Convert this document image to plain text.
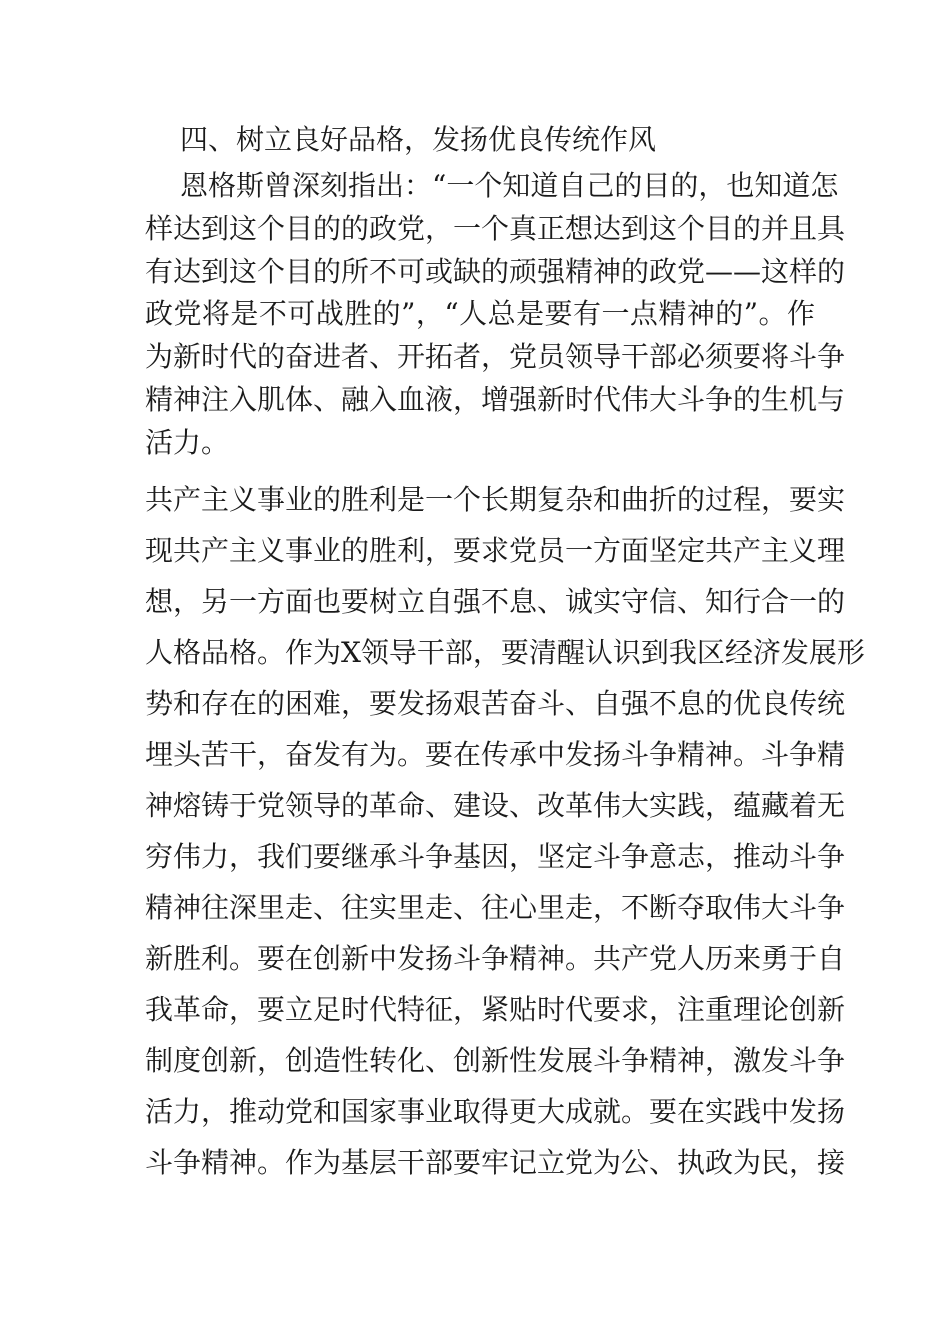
四、树立良好品格，发扬优良传统作风
恩格斯曾深刻指出：“一个知道自己的目的，也知道怎
样达到这个目的的政党，一个真正想达到这个目的并且具
有达到这个目的所不可或缺的顽强精神的政党——这样的
政党将是不可战胜的”，“人总是要有一点精神的”。作
为新时代的奋进者、开拓者，党员领导干部必须要将斗争
精神注入肌体、融入血液，增强新时代伟大斗争的生机与
活力。
共产主义事业的胜利是一个长期复杂和曲折的过程，要实
现共产主义事业的胜利，要求党员一方面坚定共产主义理
想，另一方面也要树立自强不息、诚实守信、知行合一的
人格品格。作为X领导干部，要清醒认识到我区经济发展形
势和存在的困难，要发扬艰苦奋斗、自强不息的优良传统
埋头苦干，奋发有为。要在传承中发扬斗争精神。斗争精
神熔铸于党领导的革命、建设、改革伟大实践，蕴藏着无
穷伟力，我们要继承斗争基因，坚定斗争意志，推动斗争
精神往深里走、往实里走、往心里走，不断夺取伟大斗争
新胜利。要在创新中发扬斗争精神。共产党人历来勇于自
我革命，要立足时代特征，紧贴时代要求，注重理论创新
制度创新，创造性转化、创新性发展斗争精神，激发斗争
活力，推动党和国家事业取得更大成就。要在实践中发扬
斗争精神。作为基层干部要牢记立党为公、执政为民，接
